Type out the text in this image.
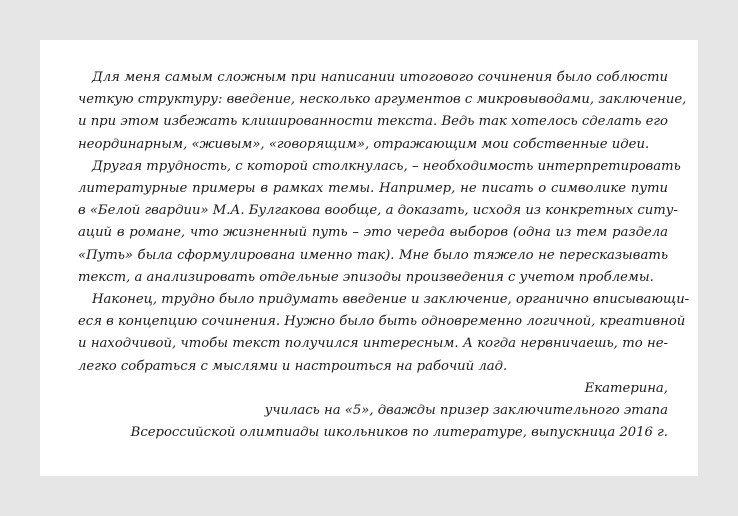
Для меня самым сложным при написании итогового сочинения было соблюсти
четкую структуру: введение, несколько аргументов с микровыводами, заключение,
и при этом избежать клишированности текста. Ведь так хотелось сделать его
неординарным, «живым», «говорящим», отражающим мои собственные идеи.
Другая трудность, с которой столкнулась, – необходимость интерпретировать
литературные примеры в рамках темы. Например, не писать о символике пути
в «Белой гвардии» М.А. Булгакова вообще, а доказать, исходя из конкретных ситу-
аций в романе, что жизненный путь – это череда выборов (одна из тем раздела
«Путь» была сформулирована именно так). Мне было тяжело не пересказывать
текст, а анализировать отдельные эпизоды произведения с учетом проблемы.
Наконец, трудно было придумать введение и заключение, органично вписывающи-
еся в концепцию сочинения. Нужно было быть одновременно логичной, креативной
и находчивой, чтобы текст получился интересным. А когда нервничаешь, то не-
легко собраться с мыслями и настроиться на рабочий лад.
Екатерина,
училась на «5», дважды призер заключительного этапа
Всероссийской олимпиады школьников по литературе, выпускница 2016 г.
